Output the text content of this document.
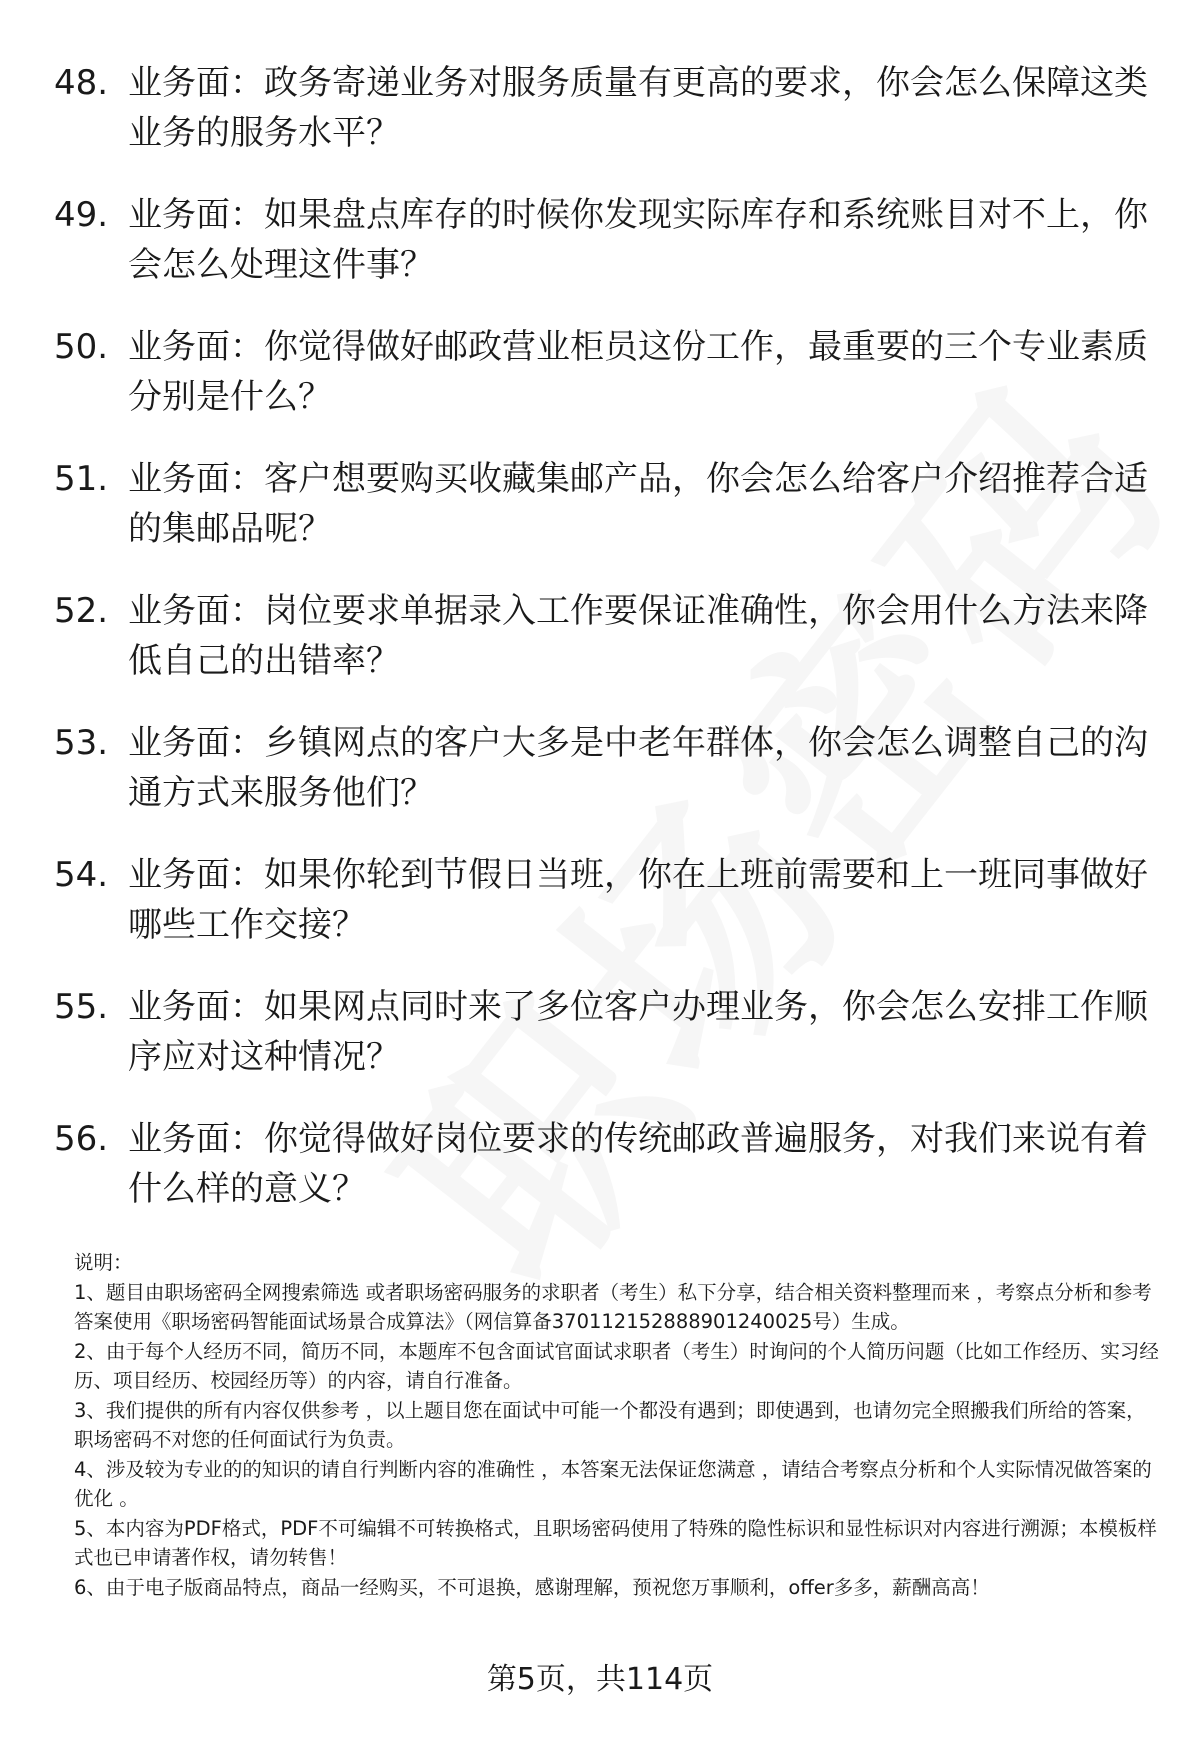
48. 业务面：政务寄递业务对服务质量有更高的要求，你会怎么保障这类业务的服务水平？
49. 业务面：如果盘点库存的时候你发现实际库存和系统账目对不上，你会怎么处理这件事？
50. 业务面：你觉得做好邮政营业柜员这份工作，最重要的三个专业素质分别是什么？
51. 业务面：客户想要购买收藏集邮产品，你会怎么给客户介绍推荐合适的集邮品呢？
52. 业务面：岗位要求单据录入工作要保证准确性，你会用什么方法来降低自己的出错率？
53. 业务面：乡镇网点的客户大多是中老年群体，你会怎么调整自己的沟通方式来服务他们？
54. 业务面：如果你轮到节假日当班，你在上班前需要和上一班同事做好哪些工作交接？
55. 业务面：如果网点同时来了多位客户办理业务，你会怎么安排工作顺序应对这种情况？
56. 业务面：你觉得做好岗位要求的传统邮政普遍服务，对我们来说有着什么样的意义？

说明：

1、题目由职场密码全网搜索筛选 或者职场密码服务的求职者（考生）私下分享，结合相关资料整理而来 ，考察点分析和参考答案使用《职场密码智能面试场景合成算法》（网信算备370112152888901240025号）生成。

2、由于每个人经历不同，简历不同，本题库不包含面试官面试求职者（考生）时询问的个人简历问题（比如工作经历、实习经历、项目经历、校园经历等）的内容，请自行准备。

3、我们提供的所有内容仅供参考 ，以上题目您在面试中可能一个都没有遇到；即使遇到，也请勿完全照搬我们所给的答案，职场密码不对您的任何面试行为负责。

4、涉及较为专业的的知识的请自行判断内容的准确性 ，本答案无法保证您满意 ，请结合考察点分析和个人实际情况做答案的优化 。

5、本内容为PDF格式，PDF不可编辑不可转换格式，且职场密码使用了特殊的隐性标识和显性标识对内容进行溯源；本模板样式也已申请著作权，请勿转售！

6、由于电子版商品特点，商品一经购买，不可退换，感谢理解，预祝您万事顺利，offer多多，薪酬高高！

第5页，共114页
